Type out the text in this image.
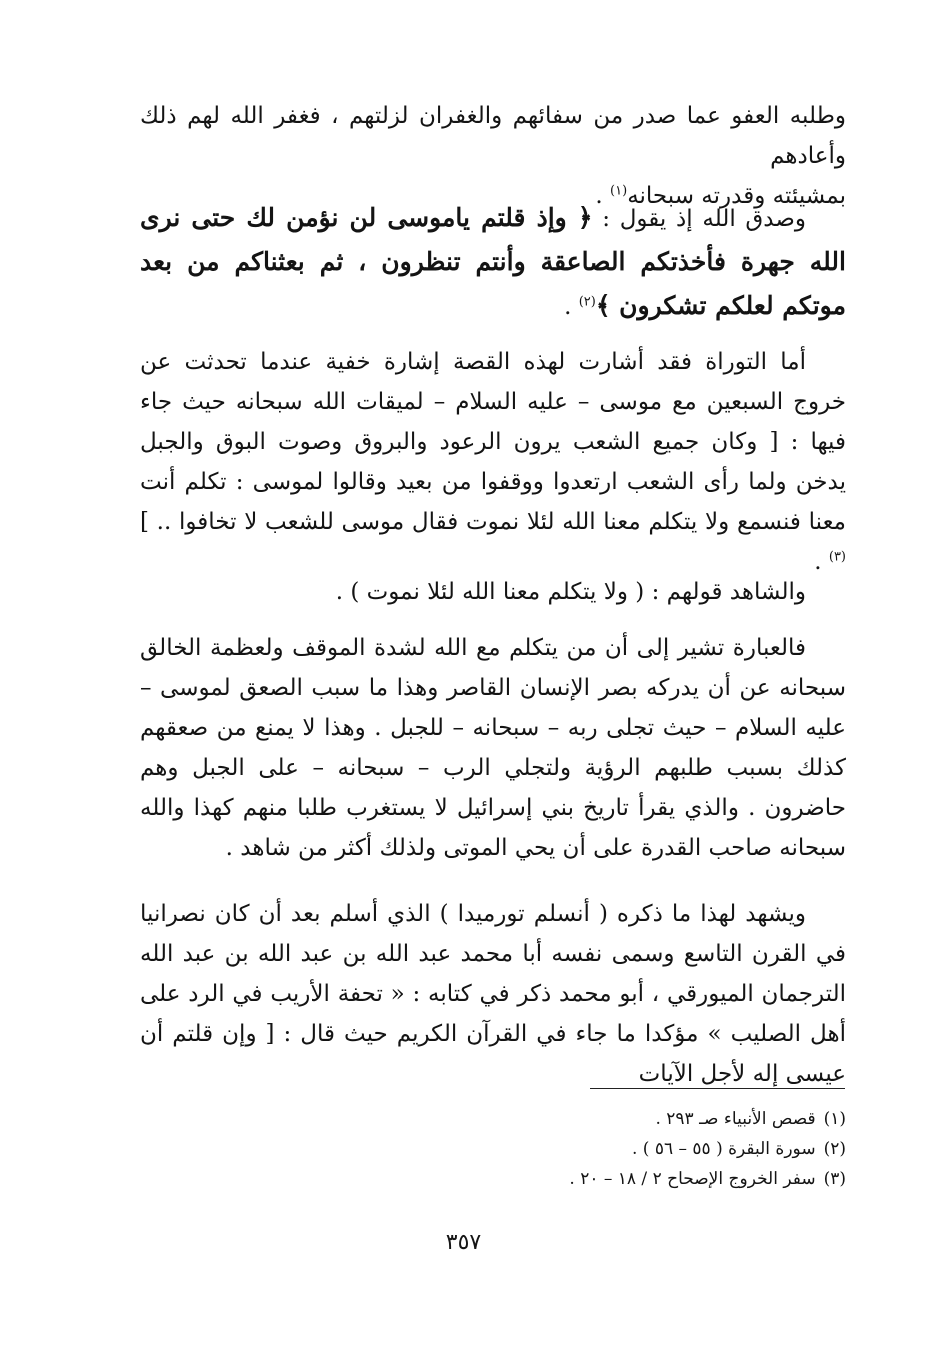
وطلبه العفو عما صدر من سفائهم والغفران لزلتهم ، فغفر الله لهم ذلك وأعادهم

بمشيئته وقدرته سبحانه$^{(١)}$ .

وصدق الله إذ يقول : ﴿ وإذ قلتم ياموسى لن نؤمن لك حتى نرى الله جهرة فأخذتكم الصاعقة وأنتم تنظرون ، ثم بعثناكم من بعد موتكم لعلكم تشكرون ﴾$^{(٢)}$ .
أما التوراة فقد أشارت لهذه القصة إشارة خفية عندما تحدثت عن خروج السبعين مع موسى – عليه السلام – لميقات الله سبحانه حيث جاء فيها : [ وكان جميع الشعب يرون الرعود والبروق وصوت البوق والجبل يدخن ولما رأى الشعب ارتعدوا ووقفوا من بعيد وقالوا لموسى : تكلم أنت معنا فنسمع ولا يتكلم معنا الله لئلا نموت فقال موسى للشعب لا تخافوا .. ]$^{(٣)}$ .
والشاهد قولهم : ( ولا يتكلم معنا الله لئلا نموت ) .
فالعبارة تشير إلى أن من يتكلم مع الله لشدة الموقف ولعظمة الخالق سبحانه عن أن يدركه بصر الإنسان القاصر وهذا ما سبب الصعق لموسى – عليه السلام – حيث تجلى ربه – سبحانه – للجبل . وهذا لا يمنع من صعقهم كذلك بسبب طلبهم الرؤية ولتجلي الرب – سبحانه – على الجبل وهم حاضرون . والذي يقرأ تاريخ بني إسرائيل لا يستغرب طلبا منهم كهذا والله سبحانه صاحب القدرة على أن يحي الموتى ولذلك أكثر من شاهد .
ويشهد لهذا ما ذكره ( أنسلم تورميدا ) الذي أسلم بعد أن كان نصرانيا في القرن التاسع وسمى نفسه أبا محمد عبد الله بن عبد الله بن عبد الله الترجمان الميورقي ، أبو محمد ذكر في كتابه : « تحفة الأريب في الرد على أهل الصليب » مؤكدا ما جاء في القرآن الكريم حيث قال : [ وإن قلتم أن عيسى إله لأجل الآيات
(١)قصص الأنبياء صـ ٢٩٣ .
(٢)سورة البقرة ( ٥٥ – ٥٦ ) .
(٣)سفر الخروج الإصحاح ٢ / ١٨ – ٢٠ .
٣٥٧
